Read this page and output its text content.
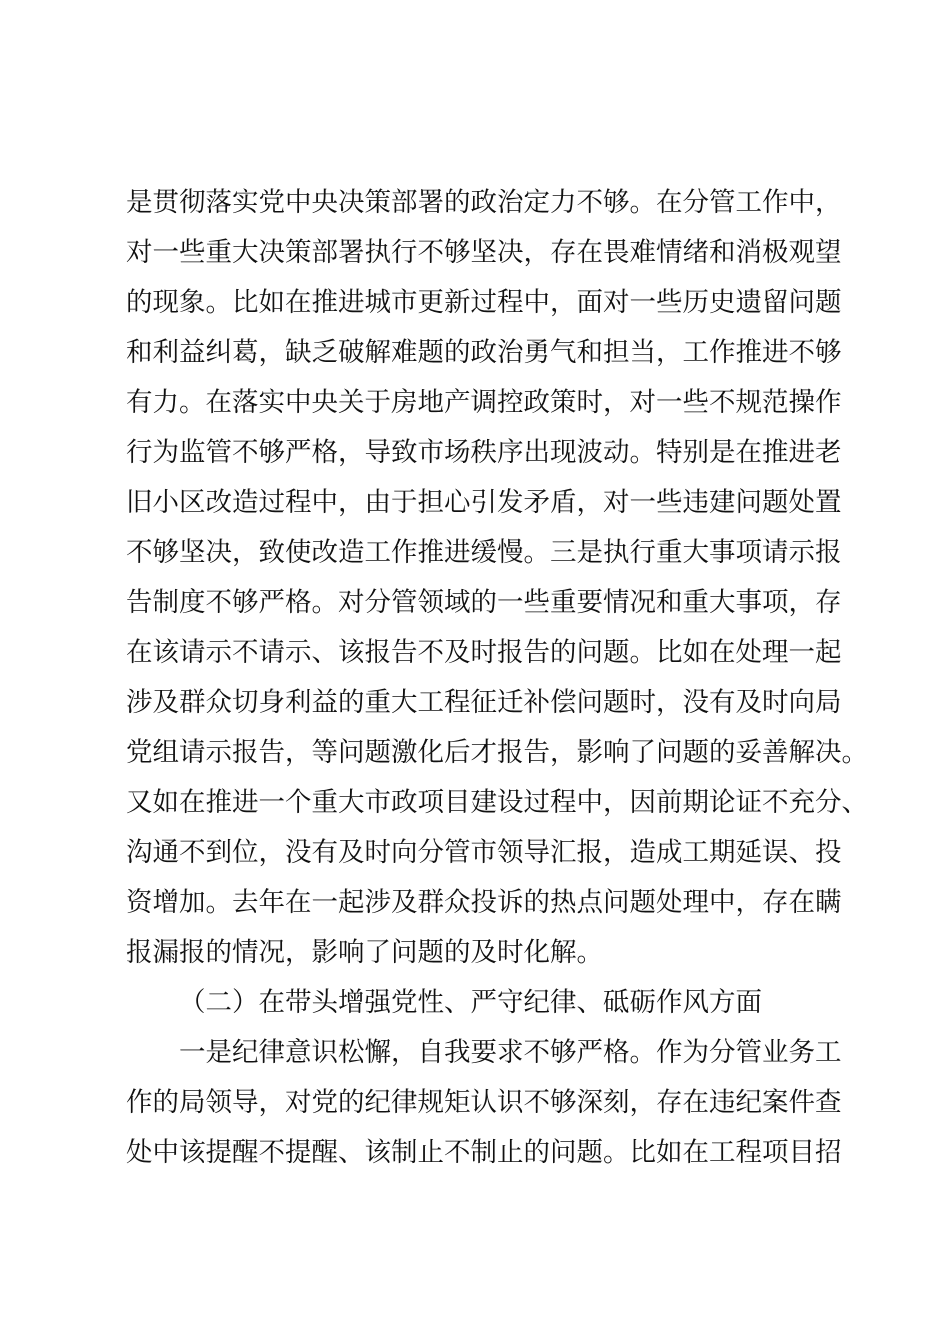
是贯彻落实党中央决策部署的政治定力不够。在分管工作中，
对一些重大决策部署执行不够坚决，存在畏难情绪和消极观望
的现象。比如在推进城市更新过程中，面对一些历史遗留问题
和利益纠葛，缺乏破解难题的政治勇气和担当，工作推进不够
有力。在落实中央关于房地产调控政策时，对一些不规范操作
行为监管不够严格，导致市场秩序出现波动。特别是在推进老
旧小区改造过程中，由于担心引发矛盾，对一些违建问题处置
不够坚决，致使改造工作推进缓慢。三是执行重大事项请示报
告制度不够严格。对分管领域的一些重要情况和重大事项，存
在该请示不请示、该报告不及时报告的问题。比如在处理一起
涉及群众切身利益的重大工程征迁补偿问题时，没有及时向局
党组请示报告，等问题激化后才报告，影响了问题的妥善解决。
又如在推进一个重大市政项目建设过程中，因前期论证不充分、
沟通不到位，没有及时向分管市领导汇报，造成工期延误、投
资增加。去年在一起涉及群众投诉的热点问题处理中，存在瞒
报漏报的情况，影响了问题的及时化解。
（二）在带头增强党性、严守纪律、砥砺作风方面
一是纪律意识松懈，自我要求不够严格。作为分管业务工
作的局领导，对党的纪律规矩认识不够深刻，存在违纪案件查
处中该提醒不提醒、该制止不制止的问题。比如在工程项目招
